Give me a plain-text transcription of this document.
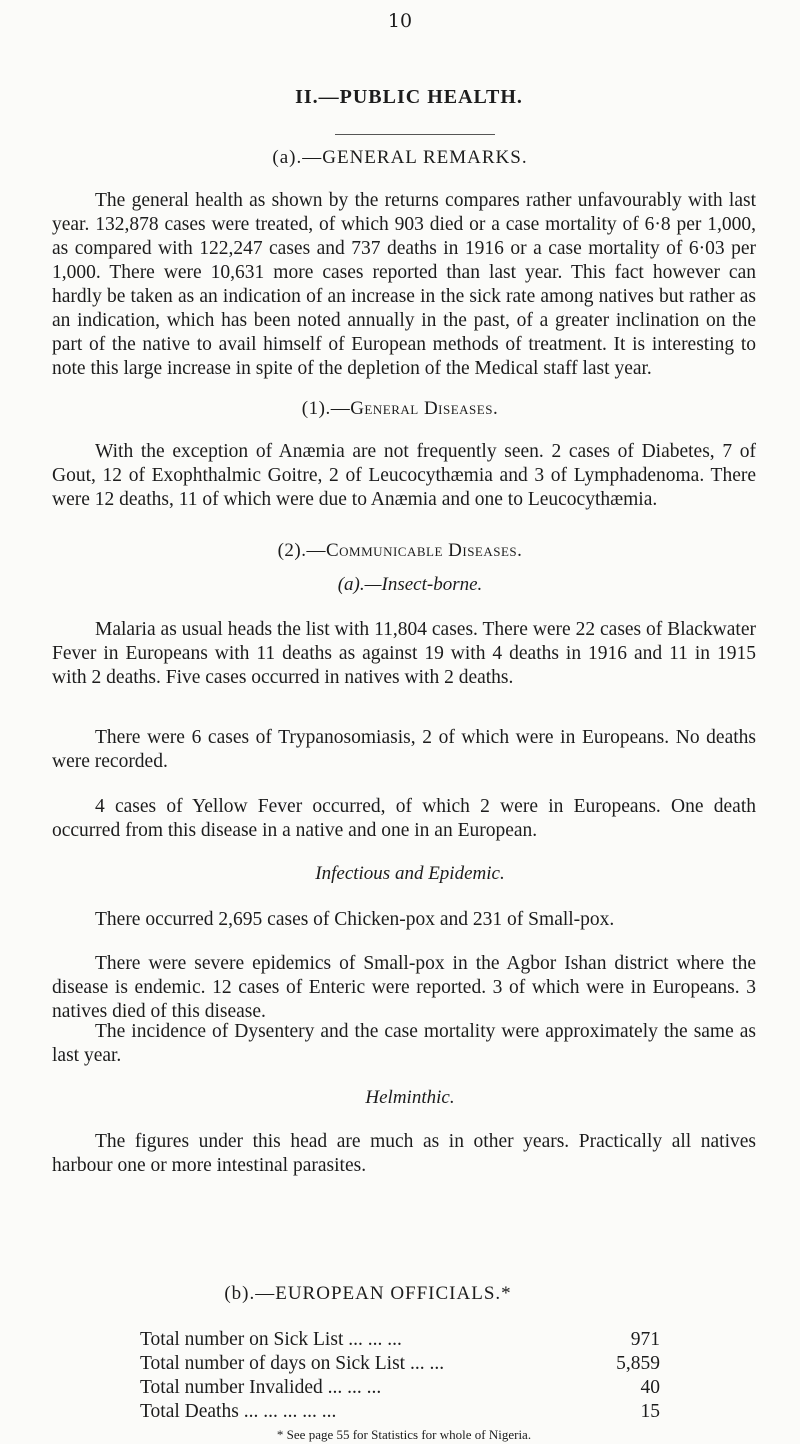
10
II.—PUBLIC HEALTH.
(a).—GENERAL REMARKS.

The general health as shown by the returns compares rather unfavourably with last year. 132,878 cases were treated, of which 903 died or a case mortality of 6·8 per 1,000, as compared with 122,247 cases and 737 deaths in 1916 or a case mortality of 6·03 per 1,000. There were 10,631 more cases reported than last year. This fact however can hardly be taken as an indication of an increase in the sick rate among natives but rather as an indication, which has been noted annually in the past, of a greater inclination on the part of the native to avail himself of European methods of treatment. It is interesting to note this large increase in spite of the depletion of the Medical staff last year.

(1).—General Diseases.

With the exception of Anæmia are not frequently seen. 2 cases of Diabetes, 7 of Gout, 12 of Exophthalmic Goitre, 2 of Leucocythæmia and 3 of Lymphadenoma. There were 12 deaths, 11 of which were due to Anæmia and one to Leucocythæmia.

(2).—Communicable Diseases.
(a).—Insect-borne.

Malaria as usual heads the list with 11,804 cases. There were 22 cases of Blackwater Fever in Europeans with 11 deaths as against 19 with 4 deaths in 1916 and 11 in 1915 with 2 deaths. Five cases occurred in natives with 2 deaths.

There were 6 cases of Trypanosomiasis, 2 of which were in Europeans. No deaths were recorded.

4 cases of Yellow Fever occurred, of which 2 were in Europeans. One death occurred from this disease in a native and one in an European.

Infectious and Epidemic.

There occurred 2,695 cases of Chicken-pox and 231 of Small-pox.

There were severe epidemics of Small-pox in the Agbor Ishan district where the disease is endemic. 12 cases of Enteric were reported. 3 of which were in Europeans. 3 natives died of this disease.

The incidence of Dysentery and the case mortality were approximately the same as last year.

Helminthic.

The figures under this head are much as in other years. Practically all natives harbour one or more intestinal parasites.

(b).—EUROPEAN OFFICIALS.*
Total number on Sick List ... ... ...	971
Total number of days on Sick List ... ...	5,859
Total number Invalided ... ... ...	40
Total Deaths ... ... ... ... ...	15
* See page 55 for Statistics for whole of Nigeria.
